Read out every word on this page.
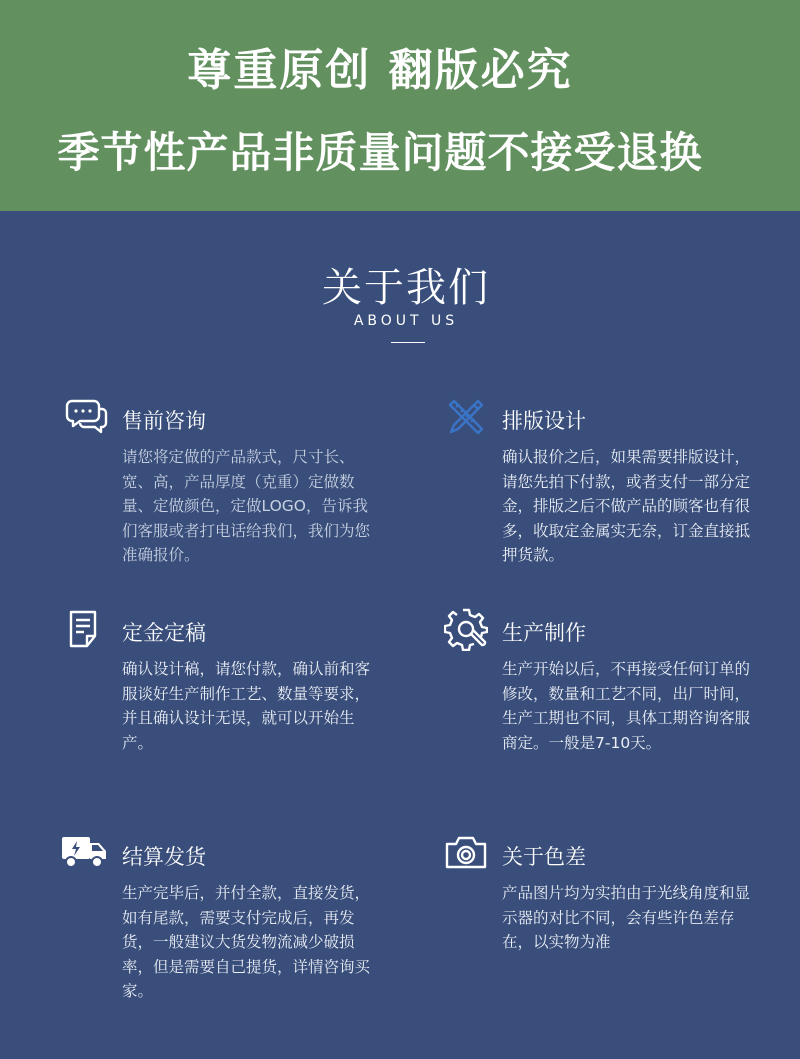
尊重原创 翻版必究
季节性产品非质量问题不接受退换
关于我们
ABOUT US
售前咨询
请您将定做的产品款式，尺寸长、宽、高，产品厚度（克重）定做数量、定做颜色，定做LOGO，告诉我们客服或者打电话给我们，我们为您准确报价。
排版设计
确认报价之后，如果需要排版设计， 请您先拍下付款，或者支付一部分定金，排版之后不做产品的顾客也有很多，收取定金属实无奈，订金直接抵押货款。
定金定稿
确认设计稿，请您付款，确认前和客服谈好生产制作工艺、数量等要求，并且确认设计无误，就可以开始生产。
生产制作
生产开始以后，不再接受任何订单的修改，数量和工艺不同，出厂时间，生产工期也不同，具体工期咨询客服商定。一般是7-10天。
结算发货
生产完毕后，并付全款，直接发货，如有尾款，需要支付完成后，再发货，一般建议大货发物流减少破损率，但是需要自己提货，详情咨询买家。
关于色差
产品图片均为实拍由于光线角度和显示器的对比不同，会有些许色差存在，以实物为准
